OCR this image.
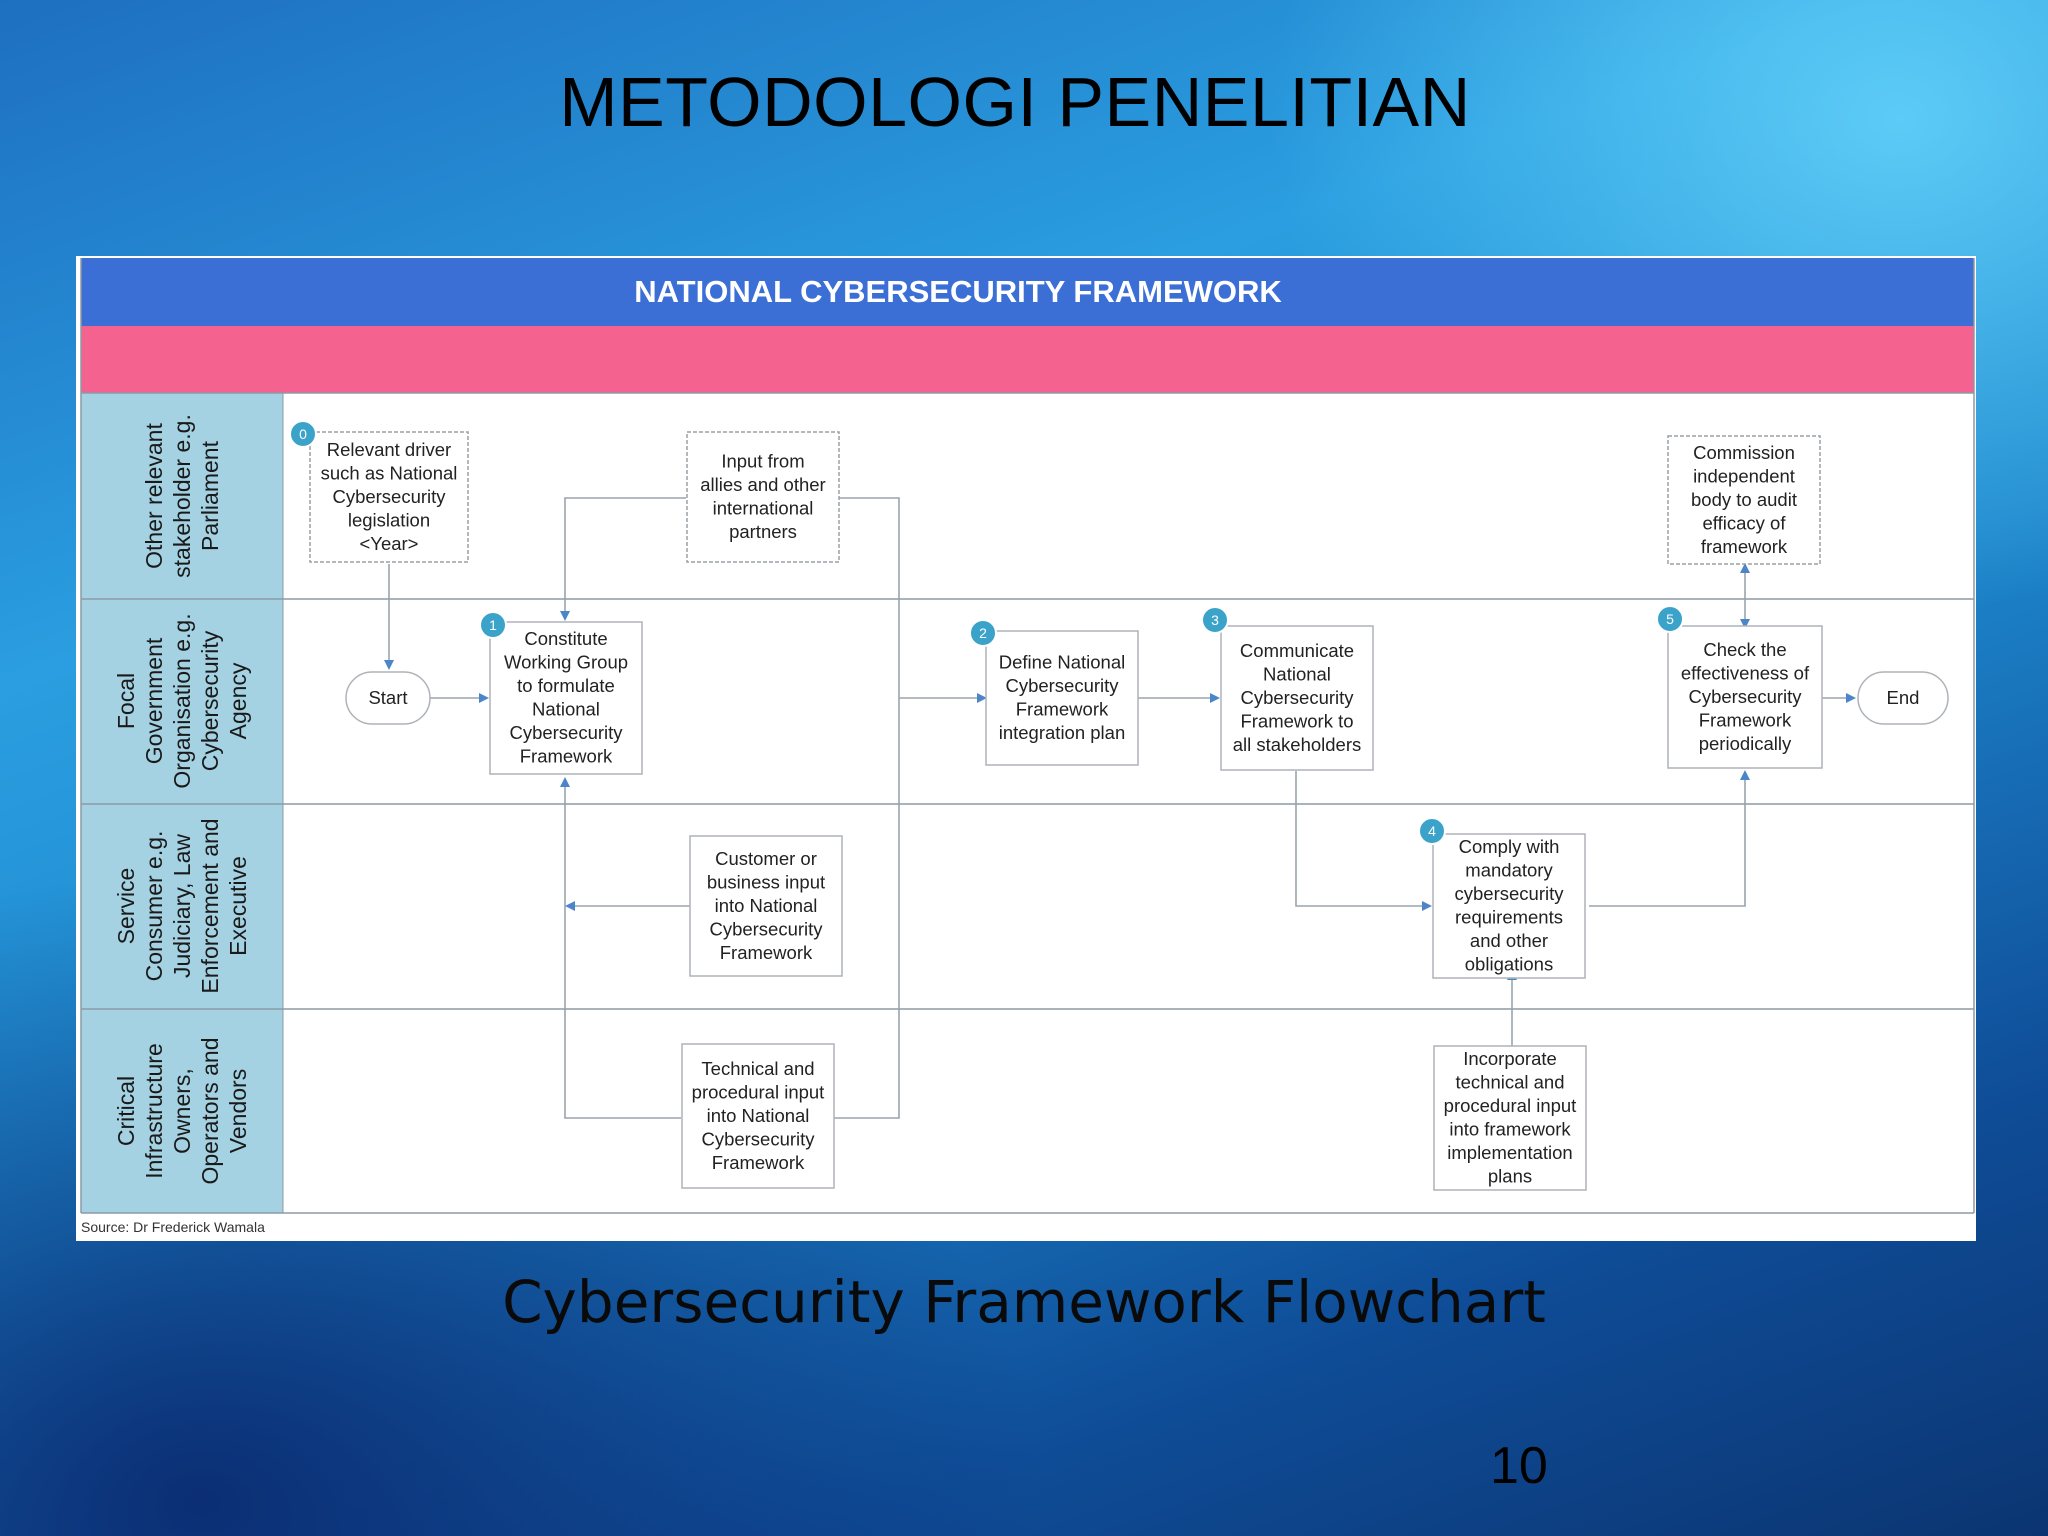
METODOLOGI PENELITIAN
NATIONAL CYBERSECURITY FRAMEWORK
Other relevantstakeholder e.g.Parliament
FocalGovernmentOrganisation e.g.CybersecurityAgency
ServiceConsumer e.g.Judiciary, LawEnforcement andExecutive
CriticalInfrastructureOwners,Operators andVendors
Start	End
Relevant driver
such as National
Cybersecurity
legislation
<Year>
Input from
allies and other
international
partners
Commission
independent
body to audit
efficacy of
framework
Constitute
Working Group
to formulate
National
Cybersecurity
Framework
Define National
Cybersecurity
Framework
integration plan
Communicate
National
Cybersecurity
Framework to
all stakeholders
Check the
effectiveness of
Cybersecurity
Framework
periodically
Customer or
business input
into National
Cybersecurity
Framework
Comply with
mandatory
cybersecurity
requirements
and other
obligations
Technical and
procedural input
into National
Cybersecurity
Framework
Incorporate
technical and
procedural input
into framework
implementation
plans
0
1	2
3
4
5
Source: Dr Frederick Wamala
Cybersecurity Framework Flowchart
10
